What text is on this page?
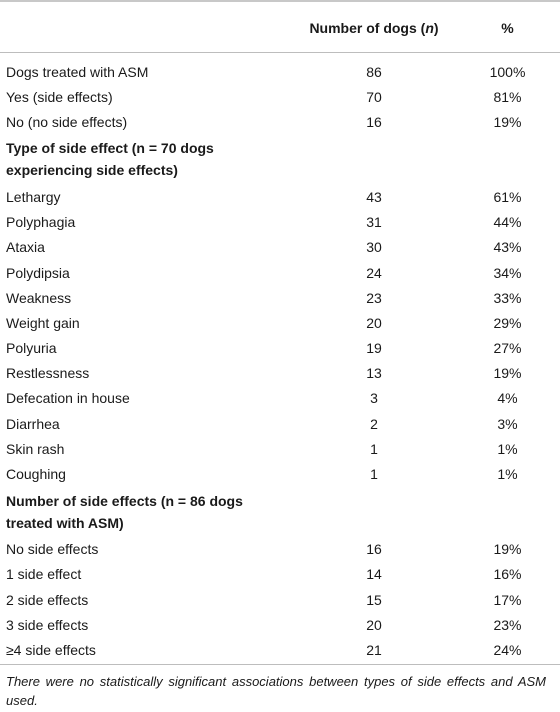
	Number of dogs (n)	%
Dogs treated with ASM	86	100%
Yes (side effects)	70	81%
No (no side effects)	16	19%
Type of side effect (n = 70 dogs experiencing side effects)		
Lethargy	43	61%
Polyphagia	31	44%
Ataxia	30	43%
Polydipsia	24	34%
Weakness	23	33%
Weight gain	20	29%
Polyuria	19	27%
Restlessness	13	19%
Defecation in house	3	4%
Diarrhea	2	3%
Skin rash	1	1%
Coughing	1	1%
Number of side effects (n = 86 dogs treated with ASM)		
No side effects	16	19%
1 side effect	14	16%
2 side effects	15	17%
3 side effects	20	23%
≥4 side effects	21	24%
There were no statistically significant associations between types of side effects and ASM used.
